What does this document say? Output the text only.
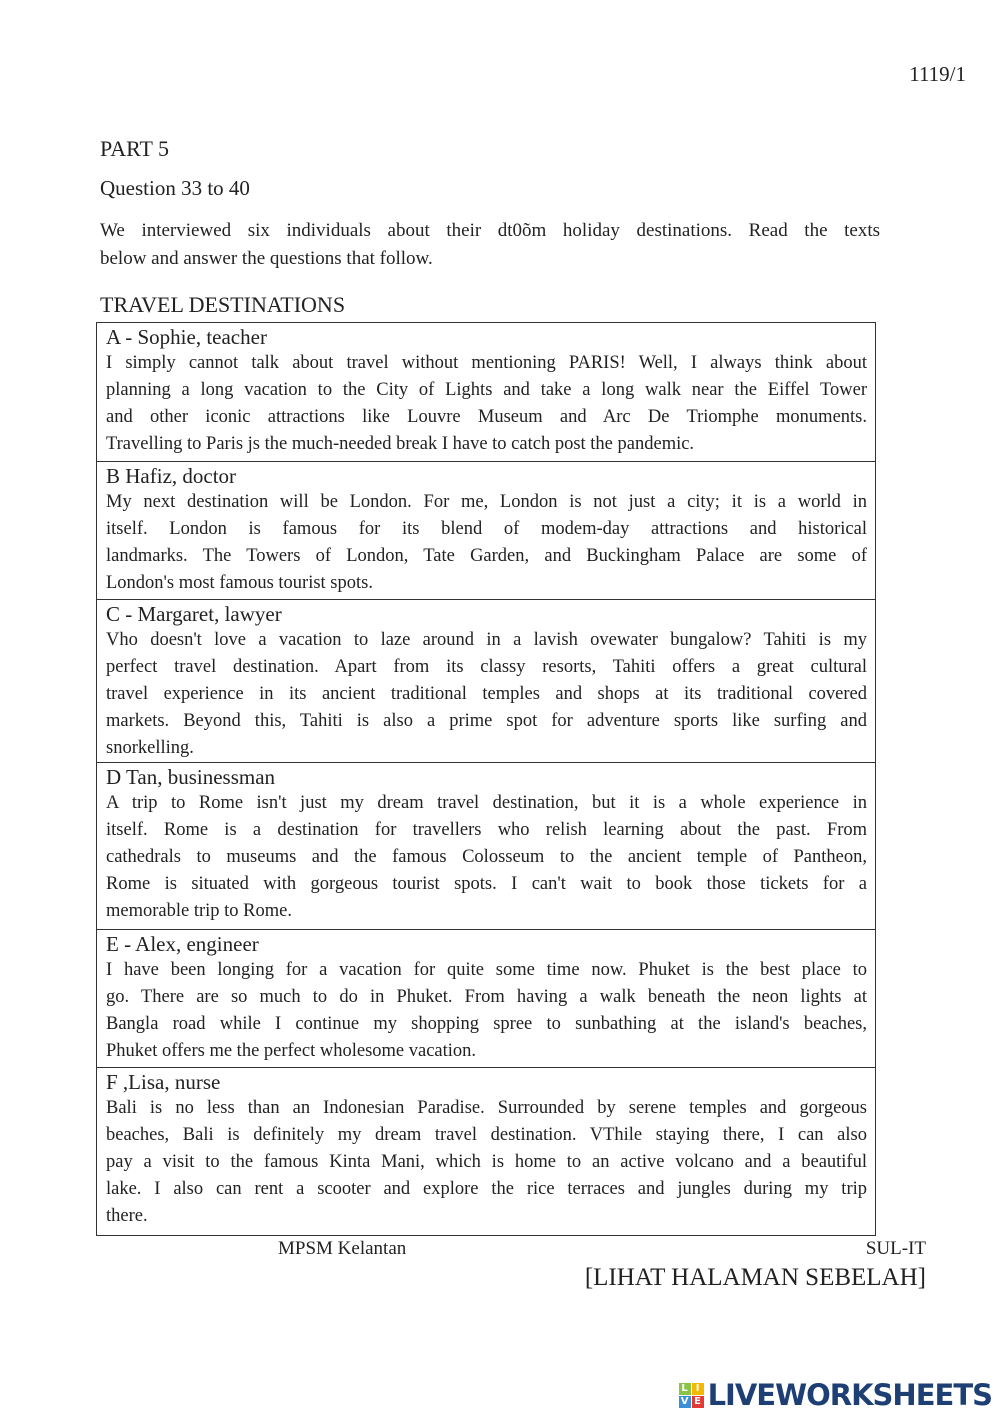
1119/1
PART 5
Question 33 to 40
We interviewed six individuals about their dt0õm holiday destinations. Read the texts
below and answer the questions that follow.
TRAVEL DESTINATIONS
A - Sophie, teacher
I simply cannot talk about travel without mentioning PARIS! Well, I always think about
planning a long vacation to the City of Lights and take a long walk near the Eiffel Tower
and other iconic attractions like Louvre Museum and Arc De Triomphe monuments.
Travelling to Paris js the much-needed break I have to catch post the pandemic.
B Hafiz, doctor
My next destination will be London. For me, London is not just a city; it is a world in
itself. London is famous for its blend of modem-day attractions and historical
landmarks. The Towers of London, Tate Garden, and Buckingham Palace are some of
London's most famous tourist spots.
C - Margaret, lawyer
Vho doesn't love a vacation to laze around in a lavish ovewater bungalow? Tahiti is my
perfect travel destination. Apart from its classy resorts, Tahiti offers a great cultural
travel experience in its ancient traditional temples and shops at its traditional covered
markets. Beyond this, Tahiti is also a prime spot for adventure sports like surfing and
snorkelling.
D Tan, businessman
A trip to Rome isn't just my dream travel destination, but it is a whole experience in
itself. Rome is a destination for travellers who relish learning about the past. From
cathedrals to museums and the famous Colosseum to the ancient temple of Pantheon,
Rome is situated with gorgeous tourist spots. I can't wait to book those tickets for a
memorable trip to Rome.
E - Alex, engineer
I have been longing for a vacation for quite some time now. Phuket is the best place to
go. There are so much to do in Phuket. From having a walk beneath the neon lights at
Bangla road while I continue my shopping spree to sunbathing at the island's beaches,
Phuket offers me the perfect wholesome vacation.
F ,Lisa, nurse
Bali is no less than an Indonesian Paradise. Surrounded by serene temples and gorgeous
beaches, Bali is definitely my dream travel destination. VThile staying there, I can also
pay a visit to the famous Kinta Mani, which is home to an active volcano and a beautiful
lake. I also can rent a scooter and explore the rice terraces and jungles during my trip
there.
MPSM Kelantan	SUL-IT
[LIHAT HALAMAN SEBELAH]
L I
V E LIVEWORKSHEETS
